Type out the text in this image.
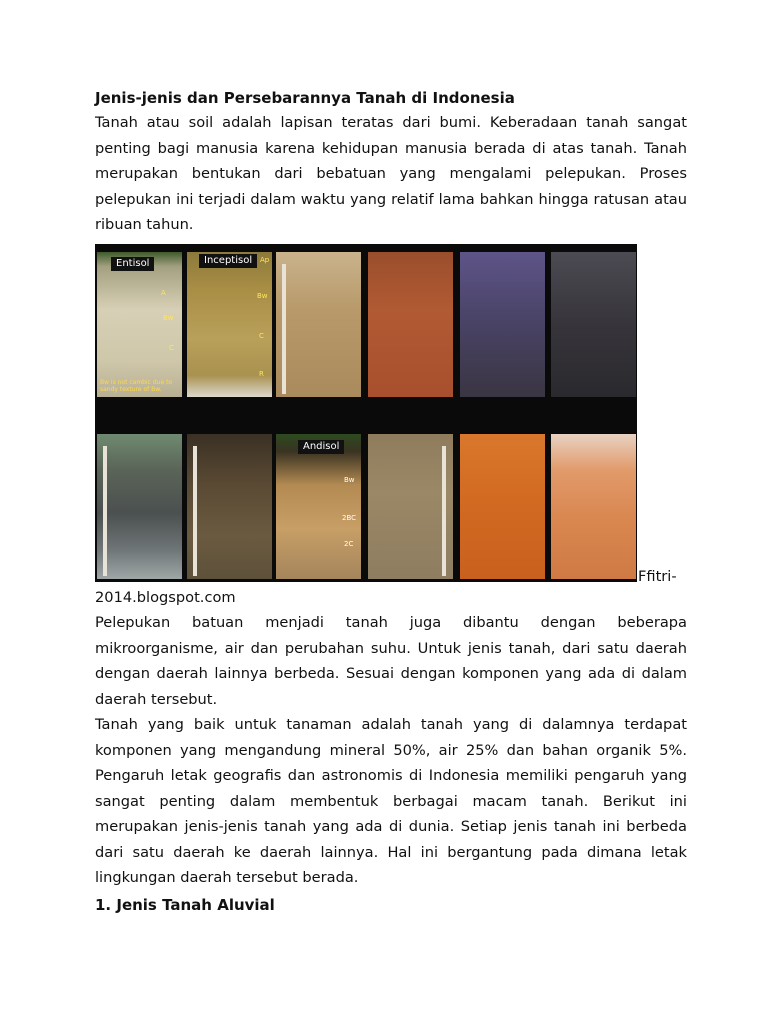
Jenis-jenis dan Persebarannya Tanah di Indonesia

Tanah atau soil adalah lapisan teratas dari bumi. Keberadaan tanah sangat penting bagi manusia karena kehidupan manusia berada di atas tanah. Tanah merupakan bentukan dari bebatuan yang mengalami pelepukan. Proses pelepukan ini terjadi dalam waktu yang relatif lama bahkan hingga ratusan atau ribuan tahun.

Entisol
A
Bw
C
Bw is not cambic due to sandy texture of Bw.
Inceptisol	Ap
Bw
C
R
Andisol
Bw
2BC
2C
Ffitri-

2014.blogspot.com

Pelepukan batuan menjadi tanah juga dibantu dengan beberapa mikroorganisme, air dan perubahan suhu. Untuk jenis tanah, dari satu daerah dengan daerah lainnya berbeda. Sesuai dengan komponen yang ada di dalam daerah tersebut.

Tanah yang baik untuk tanaman adalah tanah yang di dalamnya terdapat komponen yang mengandung mineral 50%, air 25% dan bahan organik 5%. Pengaruh letak geografis dan astronomis di Indonesia memiliki pengaruh yang sangat penting dalam membentuk berbagai macam tanah. Berikut ini merupakan jenis-jenis tanah yang ada di dunia. Setiap jenis tanah ini berbeda dari satu daerah ke daerah lainnya. Hal ini bergantung pada dimana letak lingkungan daerah tersebut berada.

1. Jenis Tanah Aluvial
